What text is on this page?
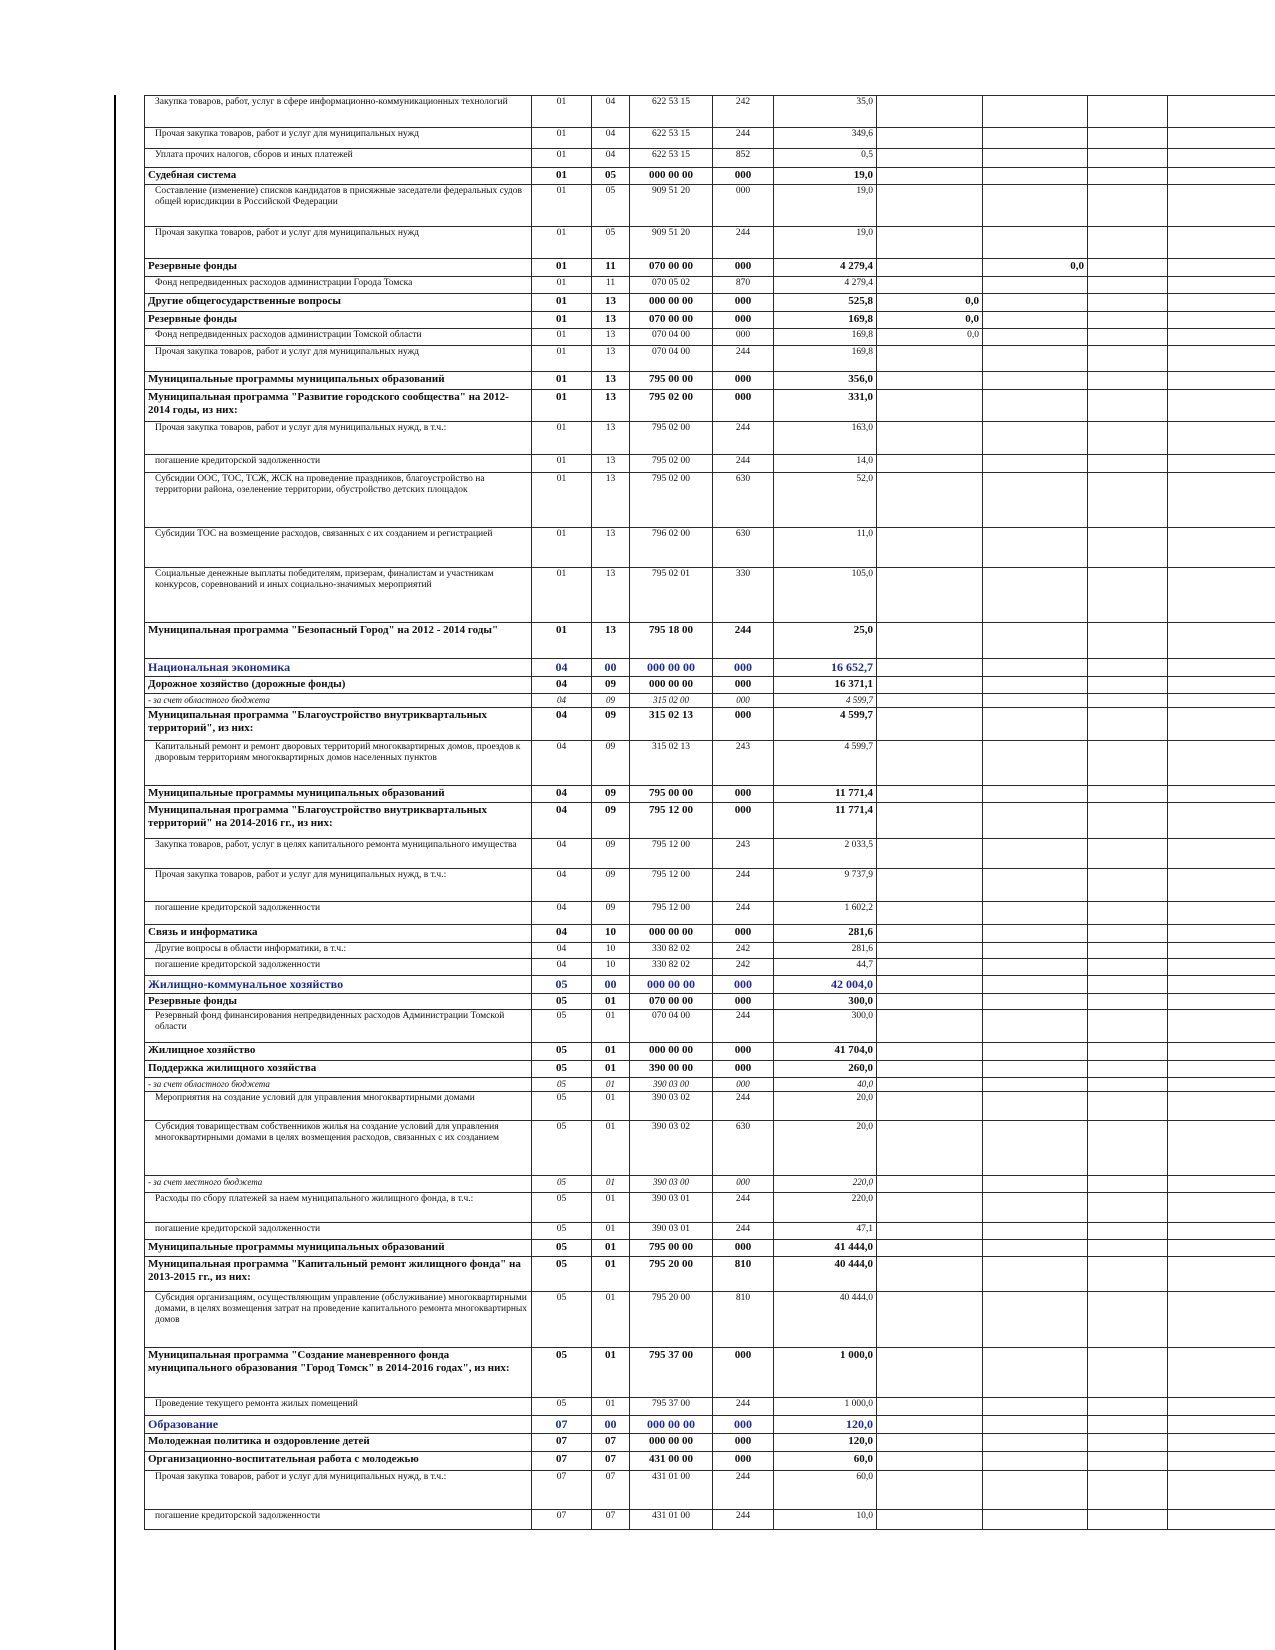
Закупка товаров, работ, услуг в сфере информационно-коммуникационных технологий	01	04	622 53 15	242	35,0				
Прочая закупка товаров, работ и услуг для муниципальных нужд	01	04	622 53 15	244	349,6				
Уплата прочих налогов, сборов и иных платежей	01	04	622 53 15	852	0,5				
Судебная система	01	05	000 00 00	000	19,0				
Составление (изменение) списков кандидатов в присяжные заседатели федеральных судов общей юрисдикции в Российской Федерации	01	05	909 51 20	000	19,0				
Прочая закупка товаров, работ и услуг для муниципальных нужд	01	05	909 51 20	244	19,0				
Резервные фонды	01	11	070 00 00	000	4 279,4		0,0		
Фонд непредвиденных расходов администрации Города Томска	01	11	070 05 02	870	4 279,4				
Другие общегосударственные вопросы	01	13	000 00 00	000	525,8	0,0			
Резервные фонды	01	13	070 00 00	000	169,8	0,0			
Фонд непредвиденных расходов администрации Томской области	01	13	070 04 00	000	169,8	0,0			
Прочая закупка товаров, работ и услуг для муниципальных нужд	01	13	070 04 00	244	169,8				
Муниципальные программы муниципальных образований	01	13	795 00 00	000	356,0				
Муниципальная программа "Развитие городского сообщества" на 2012-2014 годы, из них:	01	13	795 02 00	000	331,0				
Прочая закупка товаров, работ и услуг для муниципальных нужд, в т.ч.:	01	13	795 02 00	244	163,0				
погашение кредиторской задолженности	01	13	795 02 00	244	14,0				
Субсидии ООС, ТОС, ТСЖ, ЖСК на проведение праздников, благоустройство на территории района, озеленение территории, обустройство детских площадок	01	13	795 02 00	630	52,0				
Субсидии ТОС на возмещение расходов, связанных с их созданием и регистрацией	01	13	796 02 00	630	11,0				
Социальные денежные выплаты победителям, призерам, финалистам и участникам конкурсов, соревнований и иных социально-значимых мероприятий	01	13	795 02 01	330	105,0				
Муниципальная программа "Безопасный Город" на 2012 - 2014 годы"	01	13	795 18 00	244	25,0				
Национальная экономика	04	00	000 00 00	000	16 652,7				
Дорожное хозяйство (дорожные фонды)	04	09	000 00 00	000	16 371,1				
- за счет областного бюджета	04	09	315 02 00	000	4 599,7				
Муниципальная программа "Благоустройство внутриквартальных территорий", из них:	04	09	315 02 13	000	4 599,7				
Капитальный ремонт и ремонт дворовых территорий многоквартирных домов, проездов к дворовым территориям многоквартирных домов населенных пунктов	04	09	315 02 13	243	4 599,7				
Муниципальные программы муниципальных образований	04	09	795 00 00	000	11 771,4				
Муниципальная программа "Благоустройство внутриквартальных территорий" на 2014-2016 гг., из них:	04	09	795 12 00	000	11 771,4				
Закупка товаров, работ, услуг в целях капитального ремонта муниципального имущества	04	09	795 12 00	243	2 033,5				
Прочая закупка товаров, работ и услуг для муниципальных нужд, в т.ч.:	04	09	795 12 00	244	9 737,9				
погашение кредиторской задолженности	04	09	795 12 00	244	1 602,2				
Связь и информатика	04	10	000 00 00	000	281,6				
Другие вопросы в области информатики, в т.ч.:	04	10	330 82 02	242	281,6				
погашение кредиторской задолженности	04	10	330 82 02	242	44,7				
Жилищно-коммунальное хозяйство	05	00	000 00 00	000	42 004,0				
Резервные фонды	05	01	070 00 00	000	300,0				
Резервный фонд финансирования непредвиденных расходов Администрации Томской области	05	01	070 04 00	244	300,0				
Жилищное хозяйство	05	01	000 00 00	000	41 704,0				
Поддержка жилищного хозяйства	05	01	390 00 00	000	260,0				
- за счет областного бюджета	05	01	390 03 00	000	40,0				
Мероприятия на создание условий для управления многоквартирными домами	05	01	390 03 02	244	20,0				
Субсидия товариществам собственников жилья на создание условий для управления многоквартирными домами в целях возмещения расходов, связанных с их созданием	05	01	390 03 02	630	20,0				
- за счет местного бюджета	05	01	390 03 00	000	220,0				
Расходы по сбору платежей за наем муниципального жилищного фонда, в т.ч.:	05	01	390 03 01	244	220,0				
погашение кредиторской задолженности	05	01	390 03 01	244	47,1				
Муниципальные программы муниципальных образований	05	01	795 00 00	000	41 444,0				
Муниципальная программа "Капитальный ремонт жилищного фонда" на 2013-2015 гг., из них:	05	01	795 20 00	810	40 444,0				
Субсидия организациям, осуществляющим управление (обслуживание) многоквартирными домами, в целях возмещения затрат на проведение капитального ремонта многоквартирных домов	05	01	795 20 00	810	40 444,0				
Муниципальная программа "Создание маневренного фонда муниципального образования "Город Томск" в 2014-2016 годах", из них:	05	01	795 37 00	000	1 000,0				
Проведение текущего ремонта жилых помещений	05	01	795 37 00	244	1 000,0				
Образование	07	00	000 00 00	000	120,0				
Молодежная политика и оздоровление детей	07	07	000 00 00	000	120,0				
Организационно-воспитательная работа с молодежью	07	07	431 00 00	000	60,0				
Прочая закупка товаров, работ и услуг для муниципальных нужд, в т.ч.:	07	07	431 01 00	244	60,0				
погашение кредиторской задолженности	07	07	431 01 00	244	10,0				
